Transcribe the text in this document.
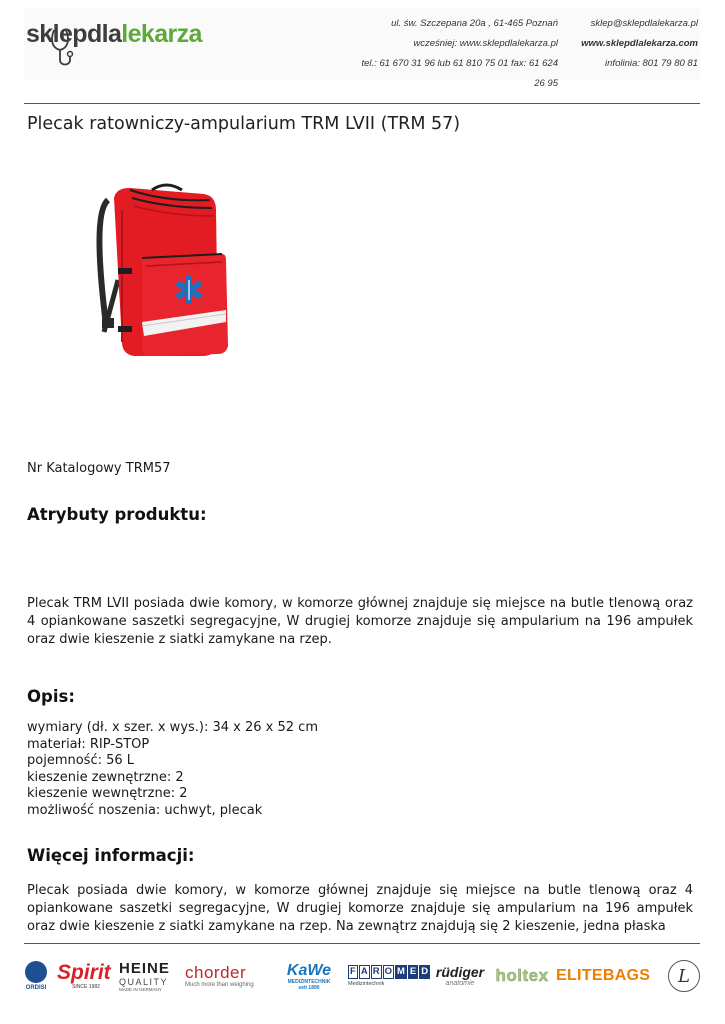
sklepdlalekarza	ul. św. Szczepana 20a , 61-465 Poznań
wcześniej: www.sklepdlalekarza.pl
tel.: 61 670 31 96 lub 61 810 75 01 fax: 61 624 26 95
sklep@sklepdlalekarza.pl
www.sklepdlalekarza.com
infolinia: 801 79 80 81
Plecak ratowniczy-ampularium TRM LVII (TRM 57)
Nr Katalogowy TRM57
Atrybuty produktu:

Plecak TRM LVII posiada dwie komory, w komorze głównej znajduje się miejsce na butle tlenową oraz 4 opiankowane saszetki segregacyjne, W drugiej komorze znajduje się ampularium na 196 ampułek oraz dwie kieszenie z siatki zamykane na rzep.

Opis:
wymiary (dł. x szer. x wys.): 34 x 26 x 52 cm
materiał: RIP-STOP
pojemność: 56 L
kieszenie zewnętrzne: 2
kieszenie wewnętrzne: 2
możliwość noszenia: uchwyt, plecak
Więcej informacji:

Plecak posiada dwie komory, w komorze głównej znajduje się miejsce na butle tlenową oraz 4 opiankowane saszetki segregacyjne, W drugiej komorze znajduje się ampularium na 196 ampułek oraz dwie kieszenie z siatki zamykane na rzep. Na zewnątrz znajdują się 2 kieszenie, jedna płaska

ORDISI
Spirit
SINCE 1982
HEINE
QUALITY
MADE IN GERMANY
chorder
Much more than weighing
KaWe
MEDIZINTECHNIK
seit 1890
F A R O M E D
Medizintechnik
rüdiger
anatomie holtex ELITEBAGS	L
